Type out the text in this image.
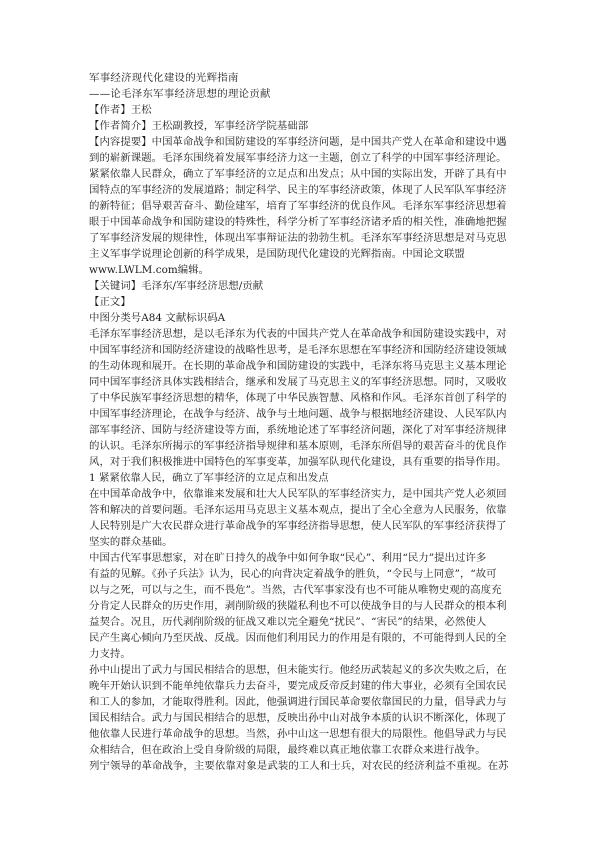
军事经济现代化建设的光辉指南
——论毛泽东军事经济思想的理论贡献
【作者】王松
【作者简介】王松副教授，军事经济学院基础部
【内容提要】中国革命战争和国防建设的军事经济问题，是中国共产党人在革命和建设中遇
到的崭新课题。毛泽东围绕着发展军事经济力这一主题，创立了科学的中国军事经济理论。
紧紧依靠人民群众，确立了军事经济的立足点和出发点；从中国的实际出发，开辟了具有中
国特点的军事经济的发展道路；制定科学、民主的军事经济政策，体现了人民军队军事经济
的新特征；倡导艰苦奋斗、勤俭建军，培育了军事经济的优良作风。毛泽东军事经济思想着
眼于中国革命战争和国防建设的特殊性，科学分析了军事经济诸矛盾的相关性，准确地把握
了军事经济发展的规律性，体现出军事辩证法的勃勃生机。毛泽东军事经济思想是对马克思
主义军事学说理论创新的科学成果，是国防现代化建设的光辉指南。中国论文联盟
www.LWLM.com编辑。
【关键词】毛泽东/军事经济思想/贡献
【正文】
中图分类号A84 文献标识码A
毛泽东军事经济思想，是以毛泽东为代表的中国共产党人在革命战争和国防建设实践中，对
中国军事经济和国防经济建设的战略性思考，是毛泽东思想在军事经济和国防经济建设领域
的生动体现和展开。在长期的革命战争和国防建设的实践中，毛泽东将马克思主义基本理论
同中国军事经济具体实践相结合，继承和发展了马克思主义的军事经济思想。同时，又吸收
了中华民族军事经济思想的精华，体现了中华民族智慧、风格和作风。毛泽东首创了科学的
中国军事经济理论，在战争与经济、战争与土地问题、战争与根据地经济建设、人民军队内
部军事经济、国防与经济建设等方面，系统地论述了军事经济问题，深化了对军事经济规律
的认识。毛泽东所揭示的军事经济指导规律和基本原则，毛泽东所倡导的艰苦奋斗的优良作
风，对于我们积极推进中国特色的军事变革，加强军队现代化建设，具有重要的指导作用。
1 紧紧依靠人民，确立了军事经济的立足点和出发点
在中国革命战争中，依靠谁来发展和壮大人民军队的军事经济实力，是中国共产党人必须回
答和解决的首要问题。毛泽东运用马克思主义基本观点，提出了全心全意为人民服务，依靠
人民特别是广大农民群众进行革命战争的军事经济指导思想，使人民军队的军事经济获得了
坚实的群众基础。
中国古代军事思想家，对在旷日持久的战争中如何争取“民心”、利用“民力”提出过许多
有益的见解。《孙子兵法》认为，民心的向背决定着战争的胜负，“令民与上同意”，“故可
以与之死，可以与之生，而不畏危”。当然，古代军事家没有也不可能从唯物史观的高度充
分肯定人民群众的历史作用，剥削阶级的狭隘私利也不可以使战争目的与人民群众的根本利
益契合。况且，历代剥削阶级的征战又难以完全避免“扰民”、“害民”的结果，必然使人
民产生离心倾向乃至厌战、反战。因而他们利用民力的作用是有限的，不可能得到人民的全
力支持。
孙中山提出了武力与国民相结合的思想，但未能实行。他经历武装起义的多次失败之后，在
晚年开始认识到不能单纯依靠兵力去奋斗，要完成反帝反封建的伟大事业，必须有全国农民
和工人的参加，才能取得胜利。因此，他强调进行国民革命要依靠国民的力量，倡导武力与
国民相结合。武力与国民相结合的思想，反映出孙中山对战争本质的认识不断深化，体现了
他依靠人民进行革命战争的思想。当然，孙中山这一思想有很大的局限性。他倡导武力与民
众相结合，但在政治上受自身阶级的局限，最终难以真正地依靠工农群众来进行战争。
列宁领导的革命战争，主要依靠对象是武装的工人和士兵，对农民的经济利益不重视。在苏
